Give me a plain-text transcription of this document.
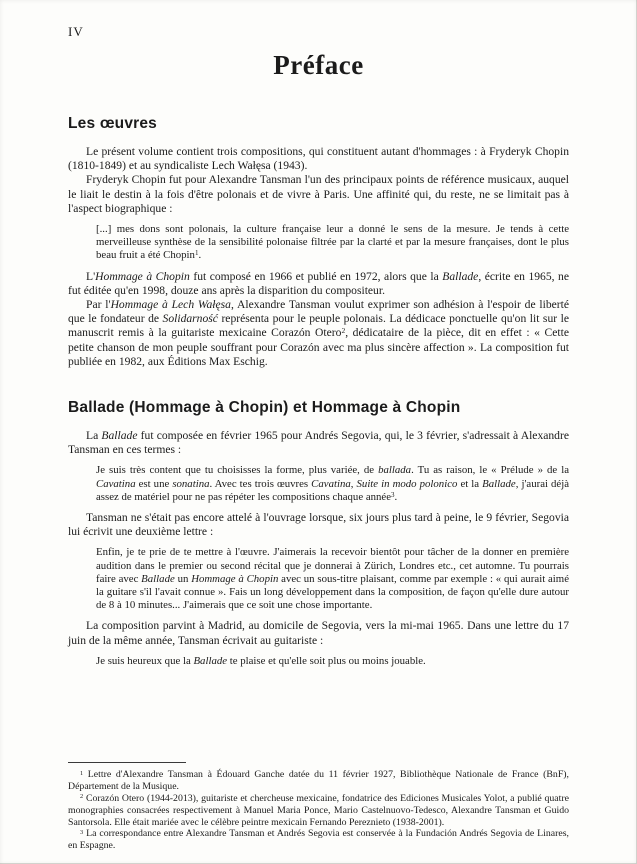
IV
Préface
Les œuvres

Le présent volume contient trois compositions, qui constituent autant d'hommages : à Fryderyk Chopin (1810-1849) et au syndicaliste Lech Wałęsa (1943).

Fryderyk Chopin fut pour Alexandre Tansman l'un des principaux points de référence musicaux, auquel le liait le destin à la fois d'être polonais et de vivre à Paris. Une affinité qui, du reste, ne se limitait pas à l'aspect biographique :

[...] mes dons sont polonais, la culture française leur a donné le sens de la mesure. Je tends à cette merveilleuse synthèse de la sensibilité polonaise filtrée par la clarté et par la mesure françaises, dont le plus beau fruit a été Chopin$^1$.

L'Hommage à Chopin fut composé en 1966 et publié en 1972, alors que la Ballade, écrite en 1965, ne fut éditée qu'en 1998, douze ans après la disparition du compositeur.

Par l'Hommage à Lech Wałęsa, Alexandre Tansman voulut exprimer son adhésion à l'espoir de liberté que le fondateur de Solidarność représenta pour le peuple polonais. La dédicace ponctuelle qu'on lit sur le manuscrit remis à la guitariste mexicaine Corazón Otero$^2$, dédicataire de la pièce, dit en effet : « Cette petite chanson de mon peuple souffrant pour Corazón avec ma plus sincère affection ». La composition fut publiée en 1982, aux Éditions Max Eschig.

Ballade (Hommage à Chopin) et Hommage à Chopin

La Ballade fut composée en février 1965 pour Andrés Segovia, qui, le 3 février, s'adressait à Alexandre Tansman en ces termes :

Je suis très content que tu choisisses la forme, plus variée, de ballada. Tu as raison, le « Prélude » de la Cavatina est une sonatina. Avec tes trois œuvres Cavatina, Suite in modo polonico et la Ballade, j'aurai déjà assez de matériel pour ne pas répéter les compositions chaque année$^3$.

Tansman ne s'était pas encore attelé à l'ouvrage lorsque, six jours plus tard à peine, le 9 février, Segovia lui écrivit une deuxième lettre :

Enfin, je te prie de te mettre à l'œuvre. J'aimerais la recevoir bientôt pour tâcher de la donner en première audition dans le premier ou second récital que je donnerai à Zürich, Londres etc., cet automne. Tu pourrais faire avec Ballade un Hommage à Chopin avec un sous-titre plaisant, comme par exemple : « qui aurait aimé la guitare s'il l'avait connue ». Fais un long développement dans la composition, de façon qu'elle dure autour de 8 à 10 minutes... J'aimerais que ce soit une chose importante.

La composition parvint à Madrid, au domicile de Segovia, vers la mi-mai 1965. Dans une lettre du 17 juin de la même année, Tansman écrivait au guitariste :

Je suis heureux que la Ballade te plaise et qu'elle soit plus ou moins jouable.

$^1$ Lettre d'Alexandre Tansman à Édouard Ganche datée du 11 février 1927, Bibliothèque Nationale de France (BnF), Département de la Musique.

$^2$ Corazón Otero (1944-2013), guitariste et chercheuse mexicaine, fondatrice des Ediciones Musicales Yolot, a publié quatre monographies consacrées respectivement à Manuel Maria Ponce, Mario Castelnuovo-Tedesco, Alexandre Tansman et Guido Santorsola. Elle était mariée avec le célèbre peintre mexicain Fernando Pereznieto (1938-2001).

$^3$ La correspondance entre Alexandre Tansman et Andrés Segovia est conservée à la Fundación Andrés Segovia de Linares, en Espagne.
